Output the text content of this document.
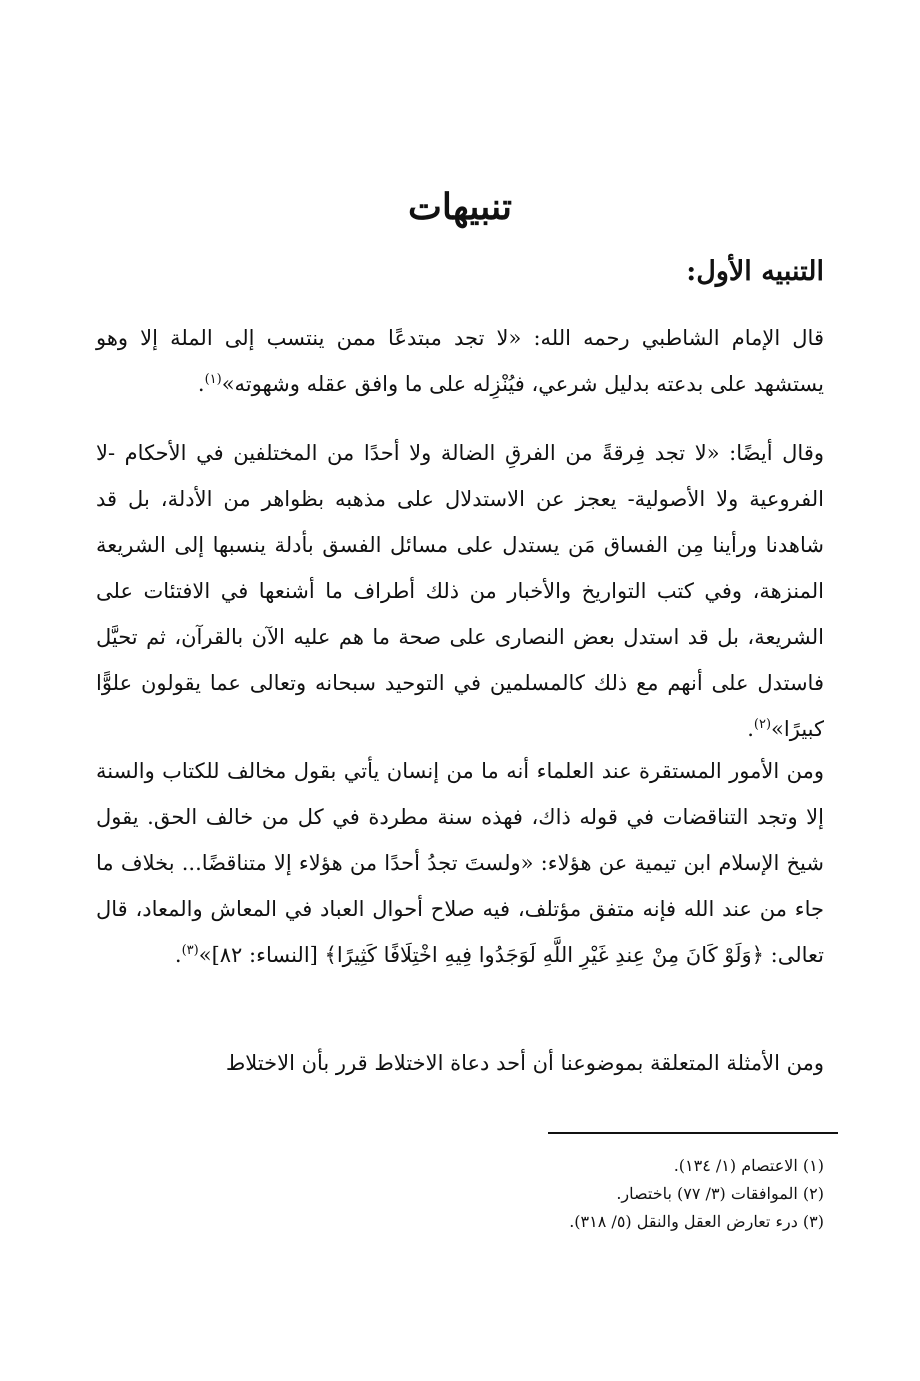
تنبيهات
التنبيه الأول:

قال الإمام الشاطبي رحمه الله: «لا تجد مبتدعًا ممن ينتسب إلى الملة إلا وهو يستشهد على بدعته بدليل شرعي، فيُنْزِله على ما وافق عقله وشهوته»$^{(١)}$.

وقال أيضًا: «لا تجد فِرقةً من الفرقِ الضالة ولا أحدًا من المختلفين في الأحكام -لا الفروعية ولا الأصولية- يعجز عن الاستدلال على مذهبه بظواهر من الأدلة، بل قد شاهدنا ورأينا مِن الفساق مَن يستدل على مسائل الفسق بأدلة ينسبها إلى الشريعة المنزهة، وفي كتب التواريخ والأخبار من ذلك أطراف ما أشنعها في الافتئات على الشريعة، بل قد استدل بعض النصارى على صحة ما هم عليه الآن بالقرآن، ثم تحيَّل فاستدل على أنهم مع ذلك كالمسلمين في التوحيد سبحانه وتعالى عما يقولون علوًّا كبيرًا»$^{(٢)}$.

ومن الأمور المستقرة عند العلماء أنه ما من إنسان يأتي بقول مخالف للكتاب والسنة إلا وتجد التناقضات في قوله ذاك، فهذه سنة مطردة في كل من خالف الحق. يقول شيخ الإسلام ابن تيمية عن هؤلاء: «ولستَ تجدُ أحدًا من هؤلاء إلا متناقضًا... بخلاف ما جاء من عند الله فإنه متفق مؤتلف، فيه صلاح أحوال العباد في المعاش والمعاد، قال تعالى: ﴿وَلَوْ كَانَ مِنْ عِندِ غَيْرِ اللَّهِ لَوَجَدُوا فِيهِ اخْتِلَافًا كَثِيرًا﴾ [النساء: ٨٢]»$^{(٣)}$.

ومن الأمثلة المتعلقة بموضوعنا أن أحد دعاة الاختلاط قرر بأن الاختلاط

(١) الاعتصام (١/ ١٣٤).
(٢) الموافقات (٣/ ٧٧) باختصار.
(٣) درء تعارض العقل والنقل (٥/ ٣١٨).
